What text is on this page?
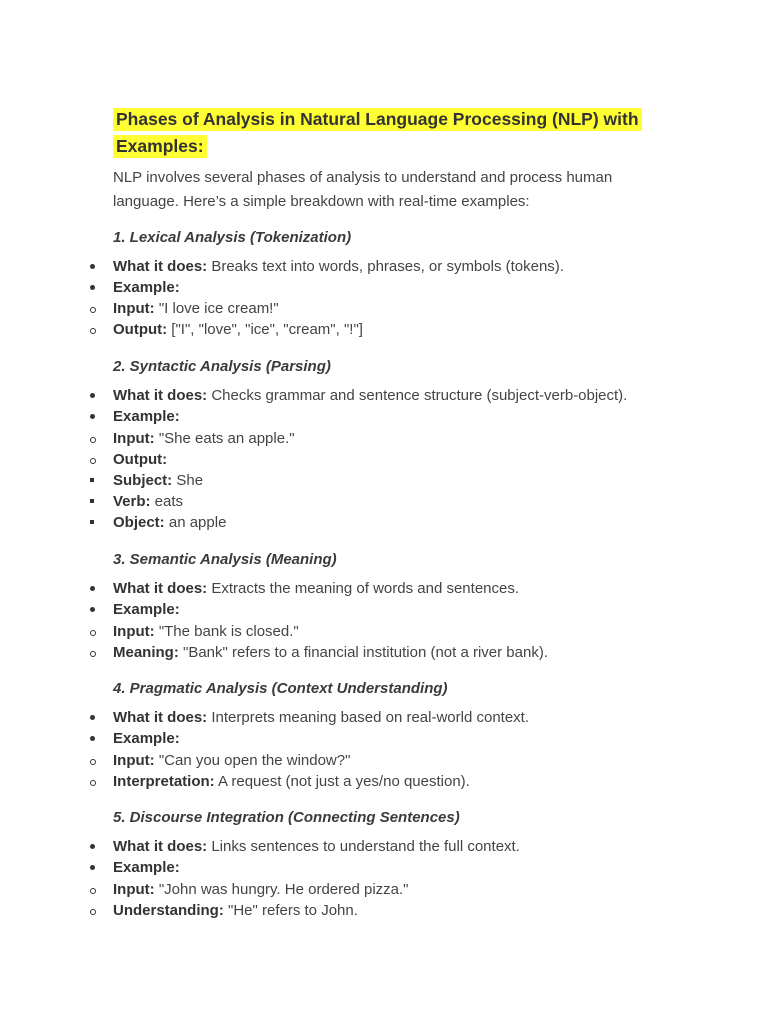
Phases of Analysis in Natural Language Processing (NLP) with Examples:
NLP involves several phases of analysis to understand and process human language. Here’s a simple breakdown with real-time examples:
1. Lexical Analysis (Tokenization)
What it does: Breaks text into words, phrases, or symbols (tokens).
Example:
Input: "I love ice cream!"
Output: ["I", "love", "ice", "cream", "!"]
2. Syntactic Analysis (Parsing)
What it does: Checks grammar and sentence structure (subject-verb-object).
Example:
Input: "She eats an apple."
Output:
Subject: She
Verb: eats
Object: an apple
3. Semantic Analysis (Meaning)
What it does: Extracts the meaning of words and sentences.
Example:
Input: "The bank is closed."
Meaning: "Bank" refers to a financial institution (not a river bank).
4. Pragmatic Analysis (Context Understanding)
What it does: Interprets meaning based on real-world context.
Example:
Input: "Can you open the window?"
Interpretation: A request (not just a yes/no question).
5. Discourse Integration (Connecting Sentences)
What it does: Links sentences to understand the full context.
Example:
Input: "John was hungry. He ordered pizza."
Understanding: "He" refers to John.
